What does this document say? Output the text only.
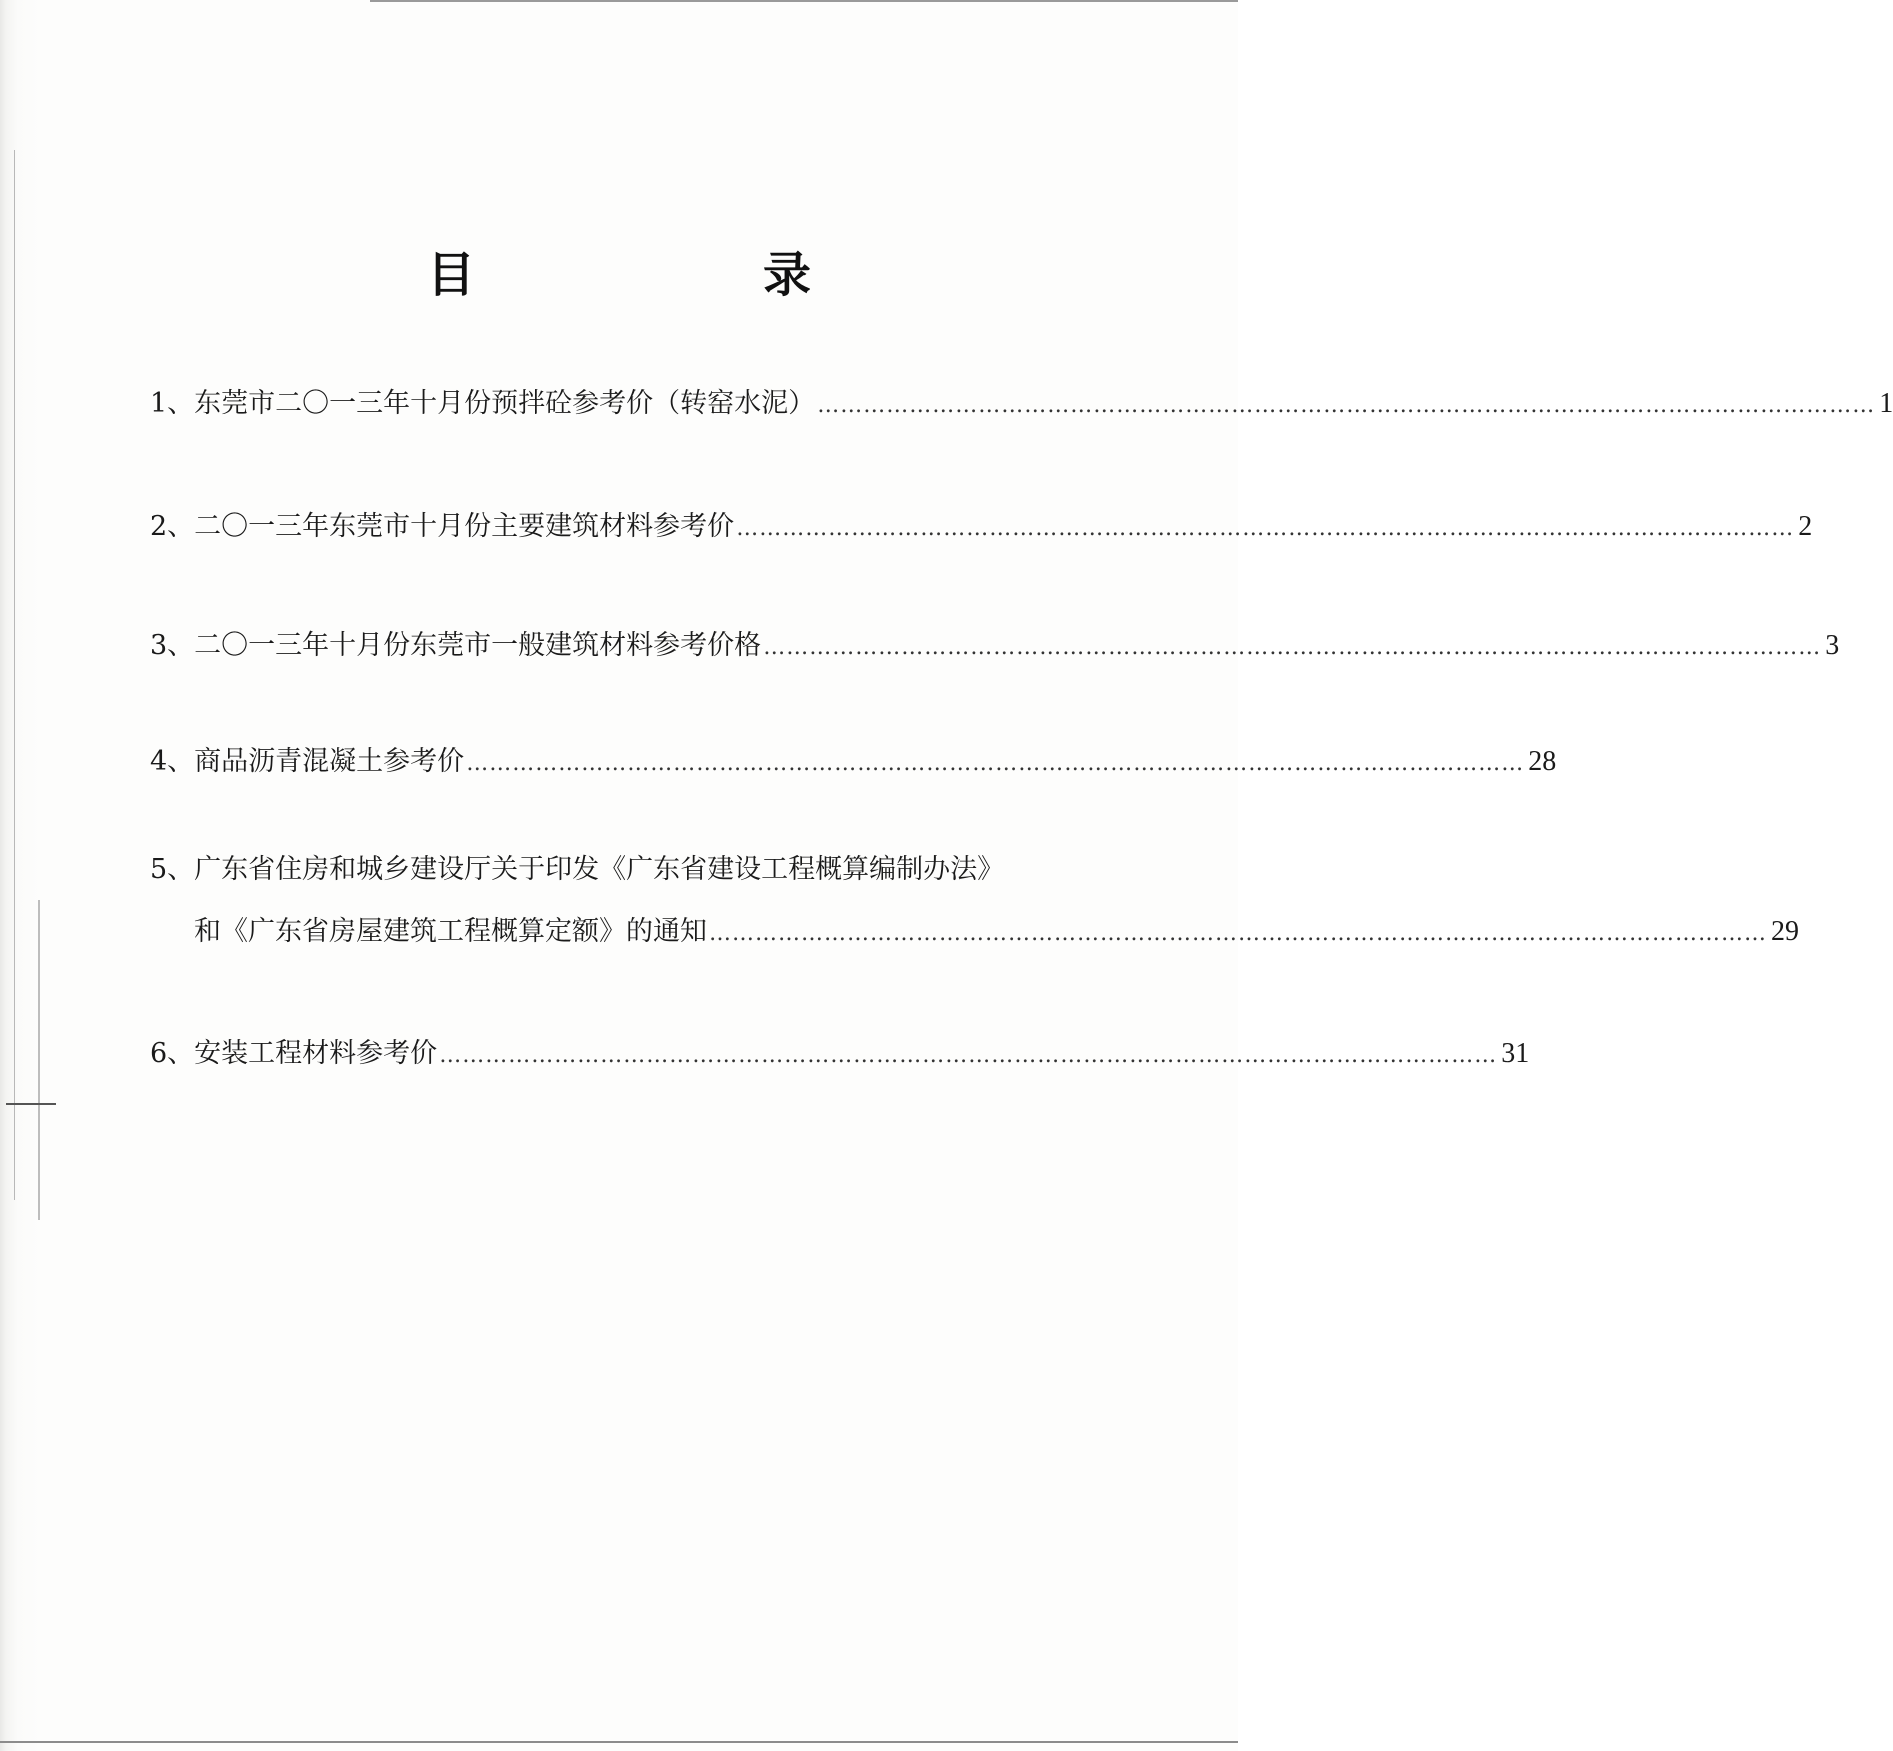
目　录
1、东莞市二〇一三年十月份预拌砼参考价（转窑水泥） ………………………………………………………………………………………………………………………… 1
2、二〇一三年东莞市十月份主要建筑材料参考价 ………………………………………………………………………………………………………………………… 2
3、二〇一三年十月份东莞市一般建筑材料参考价格 ………………………………………………………………………………………………………………………… 3
4、商品沥青混凝土参考价 ………………………………………………………………………………………………………………………… 28
5、广东省住房和城乡建设厅关于印发《广东省建设工程概算编制办法》
和《广东省房屋建筑工程概算定额》的通知 ………………………………………………………………………………………………………………………… 29
6、安装工程材料参考价 ………………………………………………………………………………………………………………………… 31
